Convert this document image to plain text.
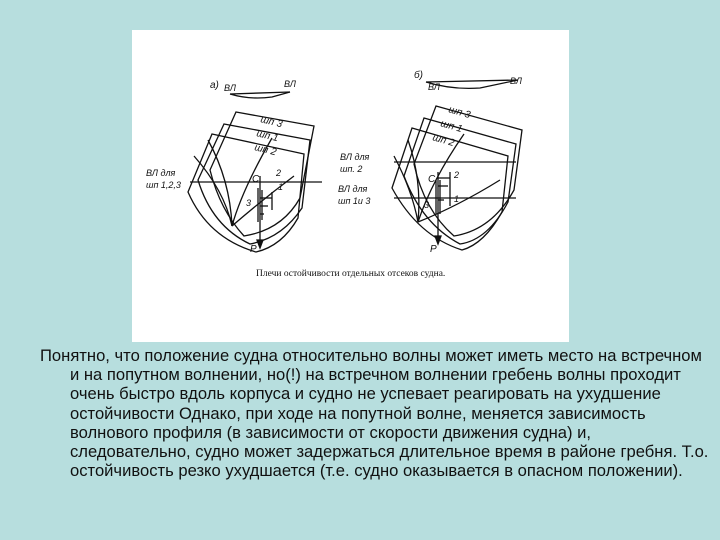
а) ВЛ	ВЛ
шп 3
шп 1
шп 2
ВЛ для
шп 1,2,3	С
2
1
3
Р
б)
ВЛ
ВЛ
шп 3
шп 1
шп 2
ВЛ для
шп. 2
ВЛ для
шп 1и 3
С 2
1
3
Р
Плечи остойчивости отдельных отсеков судна.

Понятно, что положение судна относительно волны может иметь место на встречном и на попутном волнении, но(!) на встречном волнении гребень волны проходит очень быстро вдоль корпуса и судно не успевает реагировать на ухудшение остойчивости Однако, при ходе на попутной волне, меняется зависимость волнового профиля (в зависимости от скорости движения судна) и, следовательно, судно может задержаться длительное время в районе гребня. Т.о. остойчивость резко ухудшается (т.е. судно оказывается в опасном положении).
